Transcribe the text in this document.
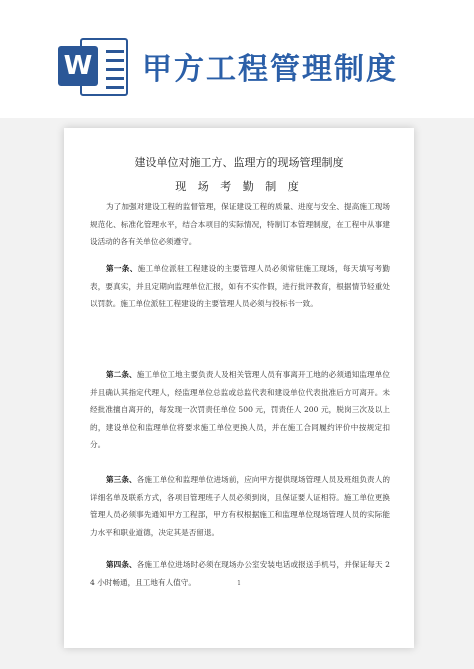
W 甲方工程管理制度
建设单位对施工方、监理方的现场管理制度
现 场 考 勤 制 度
为了加强对建设工程的监督管理，保证建设工程的质量、进度与安全、提高施工现场规范化、标准化管理水平，结合本项目的实际情况，特制订本管理制度，在工程中从事建设活动的各有关单位必须遵守。
第一条、施工单位派驻工程建设的主要管理人员必须常驻施工现场，每天填写考勤表，要真实，并且定期向监理单位汇报，如有不实作假，进行批评教育，根据情节轻重处以罚款。施工单位派驻工程建设的主要管理人员必须与投标书一致。
第二条、施工单位工地主要负责人及相关管理人员有事离开工地的必须通知监理单位并且确认其指定代理人，经监理单位总监或总监代表和建设单位代表批准后方可离开。未经批准擅自离开的，每发现一次罚责任单位 500 元，罚责任人 200 元，脱岗三次及以上的，建设单位和监理单位将要求施工单位更换人员，并在施工合同履约评价中按规定扣分。
第三条、各施工单位和监理单位进场前，应向甲方提供现场管理人员及班组负责人的详细名单及联系方式，各项目管理班子人员必须到岗，且保证要人证相符。施工单位更换管理人员必须事先通知甲方工程部，甲方有权根据施工和监理单位现场管理人员的实际能力水平和职业道德，决定其是否留退。
第四条、各施工单位进场时必须在现场办公室安装电话或报送手机号，并保证每天 24 小时畅通，且工地有人值守。	1
